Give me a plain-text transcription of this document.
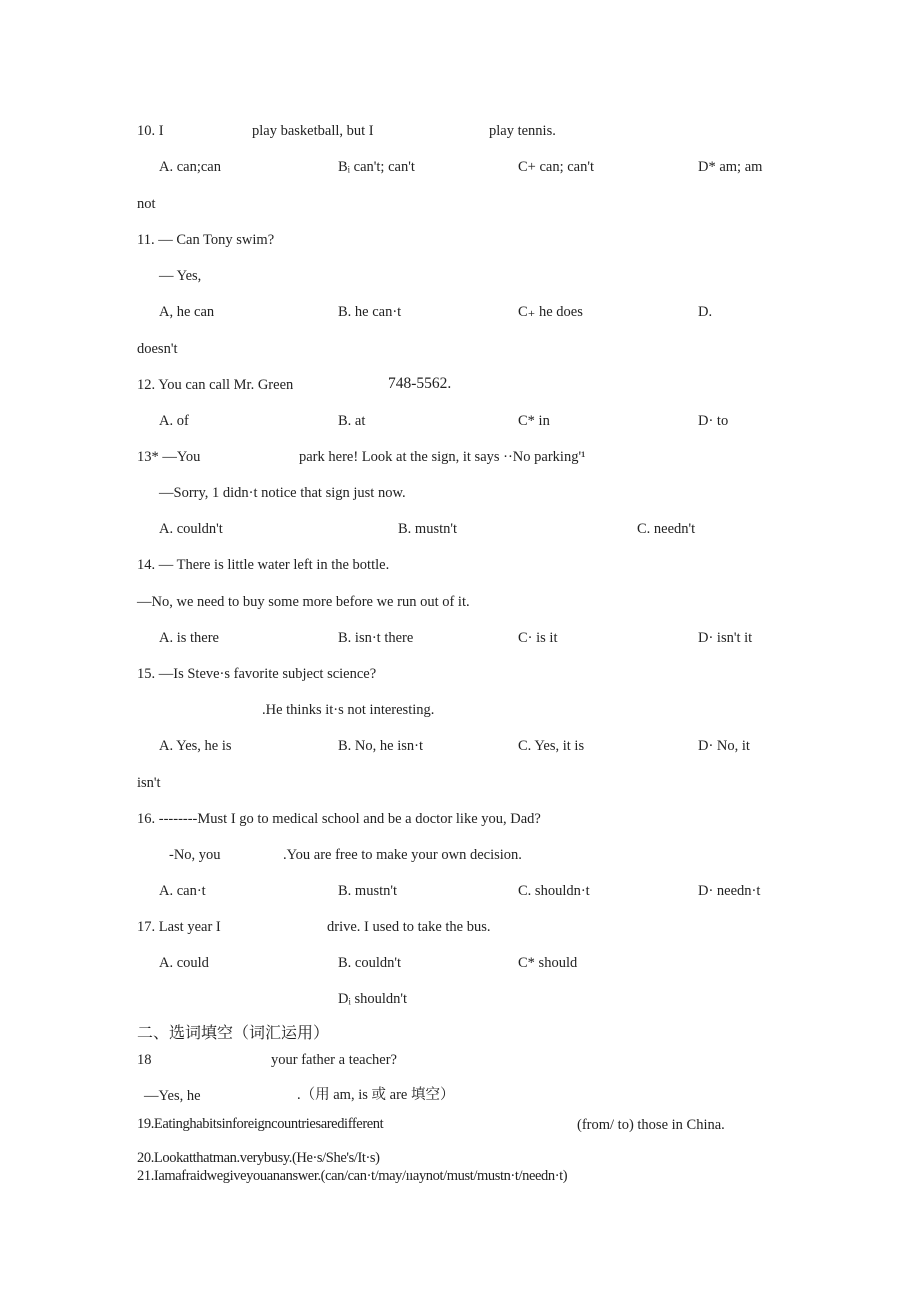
10. I	play basketball, but I	play tennis.
A. can;can	Bᵢ can't; can't	C+ can; can't	D* am; am
not
11. — Can Tony swim?
— Yes,
A, he can	B. he can·t	C₊ he does	D.
doesn't
12. You can call Mr. Green	748-5562.
A. of	B. at	C* in	D· to
13* —You	park here! Look at the sign, it says ··No parking'¹
—Sorry, 1 didn·t notice that sign just now.
A. couldn't	B. mustn't	C. needn't
14. — There is little water left in the bottle.
—No, we need to buy some more before we run out of it.
A. is there	B. isn·t there	C· is it	D· isn't it
15. —Is Steve·s favorite subject science?
.He thinks it·s not interesting.
A. Yes, he is	B. No, he isn·t	C. Yes, it is	D· No, it
isn't
16. --------Must I go to medical school and be a doctor like you, Dad?
-No, you	.You are free to make your own decision.
A. can·t	B. mustn't	C. shouldn·t	D· needn·t
17. Last year I	drive. I used to take the bus.
A. could	B. couldn't	C* should
Dᵢ shouldn't
二、选词填空（词汇运用）
18	your father a teacher?
—Yes, he	.（用 am, is 或 are 填空）
19.Eatinghabitsinforeigncountriesaredifferent	(from/ to) those in China.
20.Lookatthatman.verybusy.(He·s/She's/It·s)
21.Iamafraidwegiveyouananswer.(can/can·t/may/ııaynot/must/mustn·t/needn·t)
